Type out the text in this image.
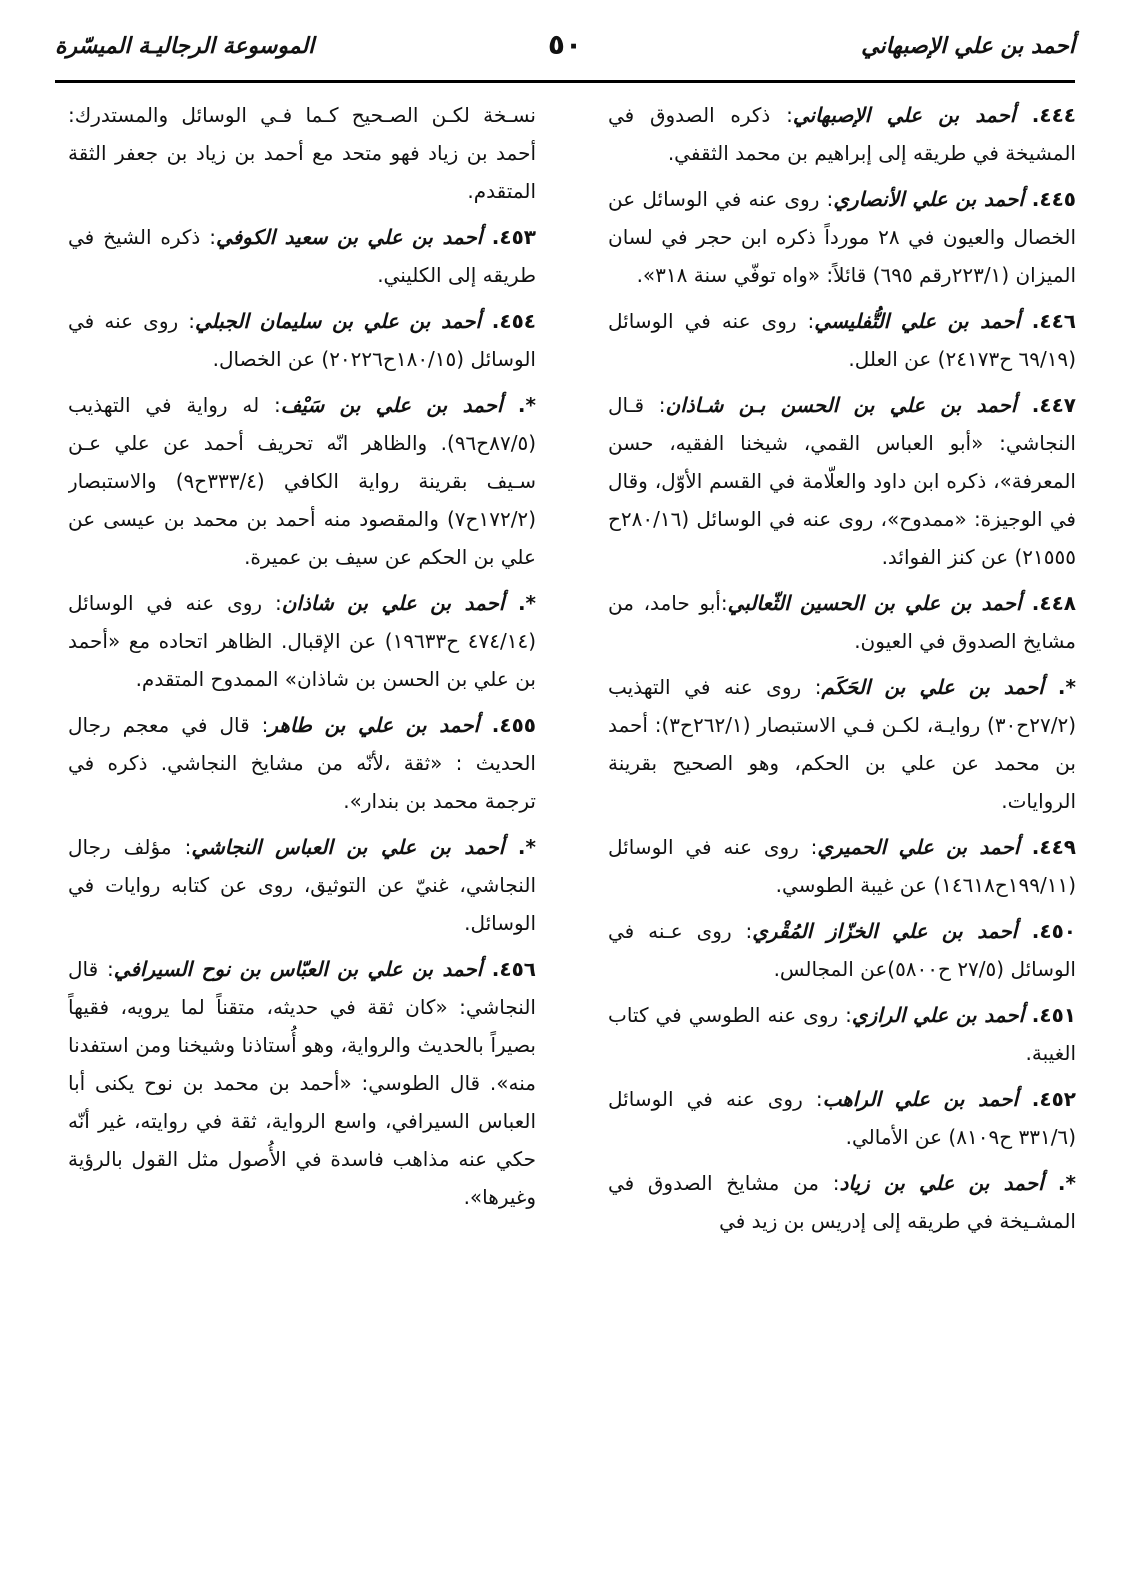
أحمد بن علي الإصبهاني
٥٠
الموسوعة الرجاليـة الميسّرة

٤٤٤. أحمد بن علي الإصبهاني: ذكره الصدوق في المشيخة في طريقه إلى إبراهيم بن محمد الثقفي.

٤٤٥. أحمد بن علي الأنصاري: روى عنه في الوسائل عن الخصال والعيون في ٢٨ مورداً ذكره ابن حجر في لسان الميزان (٢٢٣/١رقم ٦٩٥) قائلاً: «واه توفّي سنة ٣١٨».

٤٤٦. أحمد بن علي التُّفليسي: روى عنه في الوسائل (٦٩/١٩ ح٢٤١٧٣) عن العلل.

٤٤٧. أحمد بن علي بن الحسن بـن شـاذان: قـال النجاشي: «أبو العباس القمي، شيخنا الفقيه، حسن المعرفة»، ذكره ابن داود والعلّامة في القسم الأوّل، وقال في الوجيزة: «ممدوح»، روى عنه في الوسائل (٢٨٠/١٦ح ٢١٥٥٥) عن كنز الفوائد.

٤٤٨. أحمد بن علي بن الحسين الثّعالبي:أبو حامد، من مشايخ الصدوق في العيون.

*. أحمد بن علي بن الحَكَم: روى عنه في التهذيب (٢٧/٢ح٣٠) روايـة، لكـن فـي الاستبصار (٢٦٢/١ح٣): أحمد بن محمد عن علي بن الحكم، وهو الصحيح بقرينة الروايات.

٤٤٩. أحمد بن علي الحميري: روى عنه في الوسائل (١٩٩/١١ح١٤٦١٨) عن غيبة الطوسي.

٤٥٠. أحمد بن علي الخزّاز المُقْري: روى عـنه في الوسائل (٢٧/٥ ح٥٨٠٠)عن المجالس.

٤٥١. أحمد بن علي الرازي: روى عنه الطوسي في كتاب الغيبة.

٤٥٢. أحمد بن علي الراهب: روى عنه في الوسائل (٣٣١/٦ ح٨١٠٩) عن الأمالي.

*. أحمد بن علي بن زياد: من مشايخ الصدوق في المشـيخة في طريقه إلى إدريس بن زيد في

نسـخة لكـن الصـحيح كـما فـي الوسائل والمستدرك: أحمد بن زياد فهو متحد مع أحمد بن زياد بن جعفر الثقة المتقدم.

٤٥٣. أحمد بن علي بن سعيد الكوفي: ذكره الشيخ في طريقه إلى الكليني.

٤٥٤. أحمد بن علي بن سليمان الجبلي: روى عنه في الوسائل (١٨٠/١٥ح٢٠٢٢٦) عن الخصال.

*. أحمد بن علي بن سَيْف: له رواية في التهذيب (٨٧/٥ح٩٦). والظاهر انّه تحريف أحمد عن علي عـن سـيف بقرينة رواية الكافي (٣٣٣/٤ح٩) والاستبصار (١٧٢/٢ح٧) والمقصود منه أحمد بن محمد بن عيسى عن علي بن الحكم عن سيف بن عميرة.

*. أحمد بن علي بن شاذان: روى عنه في الوسائل (٤٧٤/١٤ ح١٩٦٣٣) عن الإقبال. الظاهر اتحاده مع «أحمد بن علي بن الحسن بن شاذان» الممدوح المتقدم.

٤٥٥. أحمد بن علي بن طاهر: قال في معجم رجال الحديث : «ثقة ،لأنّه من مشايخ النجاشي. ذكره في ترجمة محمد بن بندار».

*. أحمد بن علي بن العباس النجاشي: مؤلف رجال النجاشي، غنيّ عن التوثيق، روى عن كتابه روايات في الوسائل.

٤٥٦. أحمد بن علي بن العبّاس بن نوح السيرافي: قال النجاشي: «كان ثقة في حديثه، متقناً لما يرويه، فقيهاً بصيراً بالحديث والرواية، وهو أُستاذنا وشيخنا ومن استفدنا منه». قال الطوسي: «أحمد بن محمد بن نوح يكنى أبا العباس السيرافي، واسع الرواية، ثقة في روايته، غير أنّه حكي عنه مذاهب فاسدة في الأُصول مثل القول بالرؤية وغيرها».
